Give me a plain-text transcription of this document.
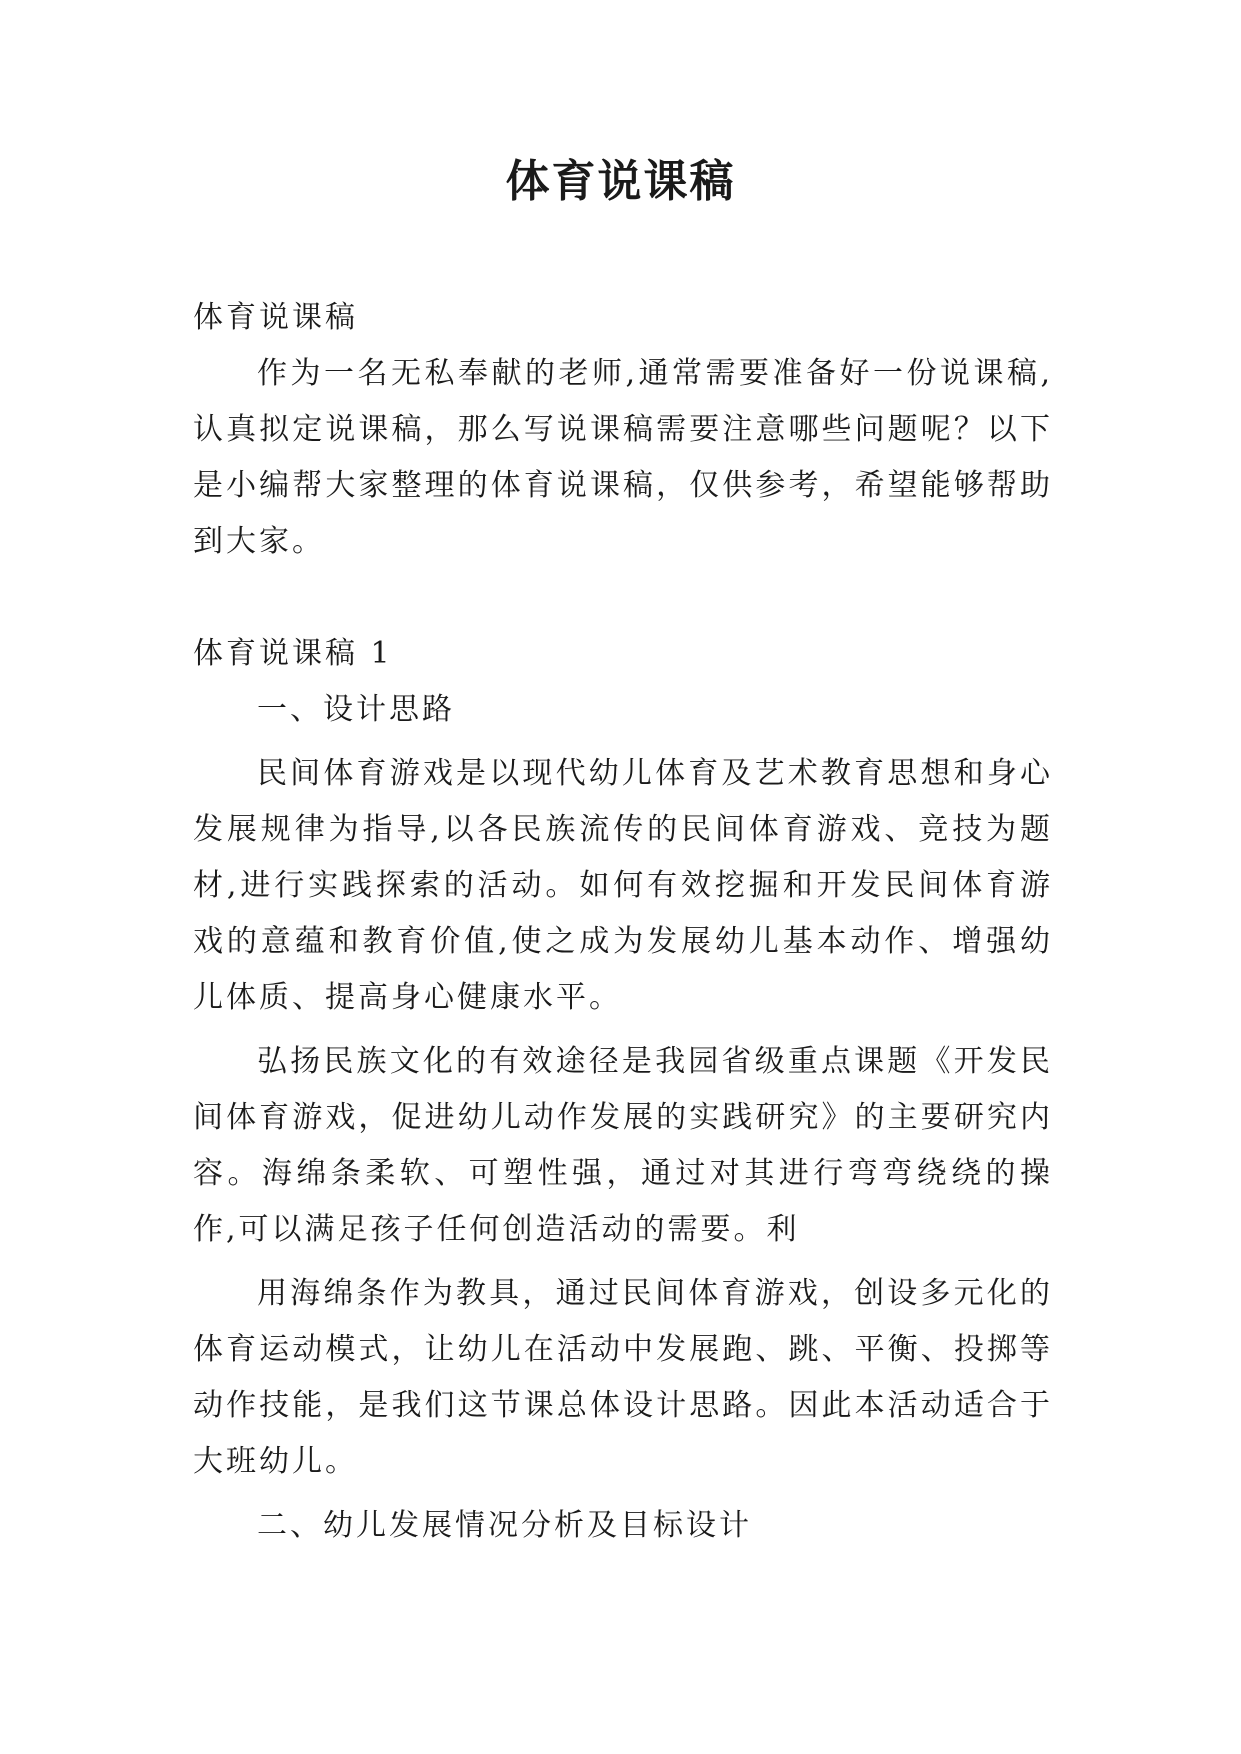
体育说课稿

体育说课稿

作为一名无私奉献的老师,通常需要准备好一份说课稿,认真拟定说课稿，那么写说课稿需要注意哪些问题呢？以下是小编帮大家整理的体育说课稿，仅供参考，希望能够帮助到大家。

体育说课稿 1

一、设计思路

民间体育游戏是以现代幼儿体育及艺术教育思想和身心发展规律为指导,以各民族流传的民间体育游戏、竞技为题材,进行实践探索的活动。如何有效挖掘和开发民间体育游戏的意蕴和教育价值,使之成为发展幼儿基本动作、增强幼儿体质、提高身心健康水平。

弘扬民族文化的有效途径是我园省级重点课题《开发民间体育游戏，促进幼儿动作发展的实践研究》的主要研究内容。海绵条柔软、可塑性强，通过对其进行弯弯绕绕的操作,可以满足孩子任何创造活动的需要。利

用海绵条作为教具，通过民间体育游戏，创设多元化的体育运动模式，让幼儿在活动中发展跑、跳、平衡、投掷等动作技能，是我们这节课总体设计思路。因此本活动适合于大班幼儿。

二、幼儿发展情况分析及目标设计
